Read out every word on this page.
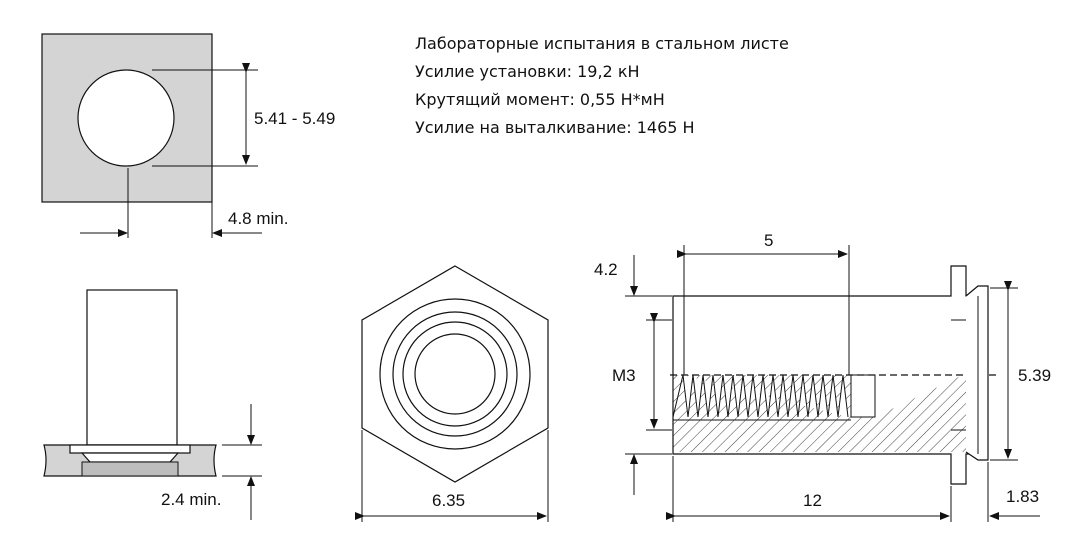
Лабораторные испытания в стальном листе
Усилие установки: 19,2 кН
Крутящий момент: 0,55 Н*мН
Усилие на выталкивание: 1465 Н
5.41 - 5.49
4.8 min.
2.4 min.	6.35
5
4.2
M3	5.39
12	1.83
